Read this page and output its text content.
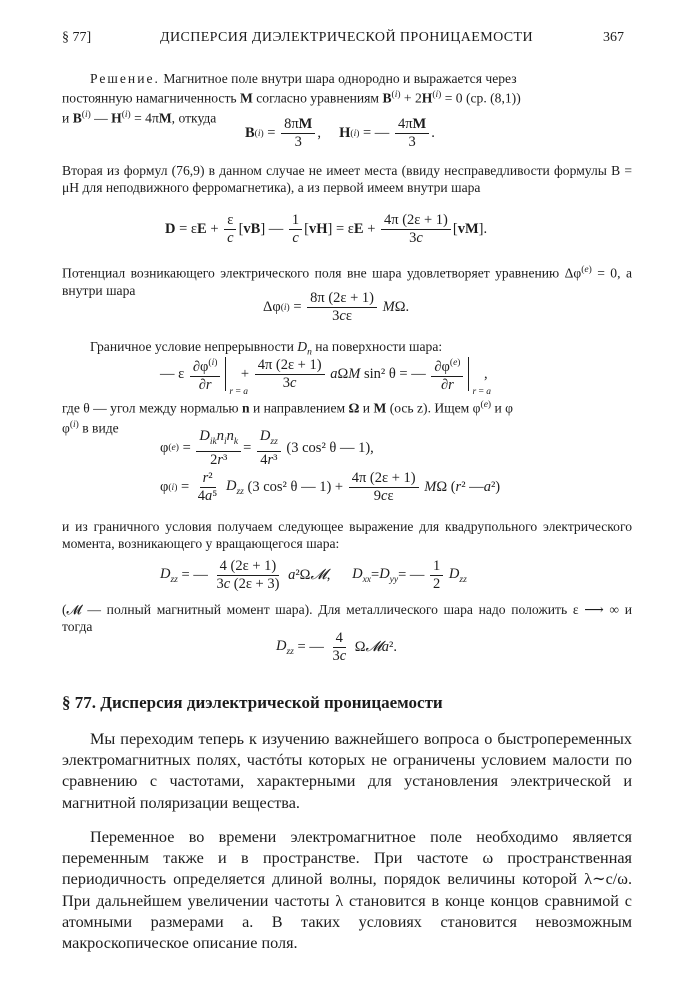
§ 77]	ДИСПЕРСИЯ ДИЭЛЕКТРИЧЕСКОЙ ПРОНИЦАЕМОСТИ	367
Решение. Магнитное поле внутри шара однородно и выражается через
постоянную намагниченность M согласно уравнениям $B^{(i)} + 2H^{(i)} = 0$ (ср. (8,1))
и $B^{(i)}$ — $H^{(i)} = 4\pi M$, откуда
B $(i) = \frac{8\pi M}{3}$ , H (i) = — $\frac{4\pi M}{3}$ .
Вторая из формул (76,9) в данном случае не имеет места (ввиду несправедливости формулы B = μH для неподвижного ферромагнетика), а из первой имеем внутри шара
D = ε $E + \frac{\varepsilon}{c}$ [ vB ] — $\frac{1}{c}$ [ vH ] = ε $E + \frac{4\pi (2\varepsilon + 1)}{3c}$ [ vM ].
Потенциал возникающего электрического поля вне шара удовлетворяет уравнению $\Delta\varphi^{(e)} = 0$, а внутри шара
Δφ $(i) = \frac{8\pi (2\varepsilon + 1)}{3c\varepsilon}$
M Ω.
Граничное условие непрерывности $D_n$ на поверхности шара:
— ε $\frac{\partial\varphi^{(i)}}{\partial r}$ r = a
+ $\frac{4\pi (2\varepsilon + 1)}{3c}$
a Ω M sin² θ = — $\frac{\partial\varphi^{(e)}}{\partial r}$ r = a
,
где θ — угол между нормалью n и направлением Ω и M (ось z). Ищем $\varphi^{(e)}$ и φ
$\varphi^{(i)}$ в виде
φ $(e) = \frac{D_{ik}n_in_k}{\text{2r³}} = \frac{D_{zz}}{\text{4r³}} (3$ cos² θ — 1),
φ $(i) = \frac{\text{r²}}{\text{4a⁵}}$
$D_{zz}$ (3 cos² θ — $1) + \frac{4\pi (2\varepsilon + 1)}{9c\varepsilon}$
M Ω ( r ² — a ²)
и из граничного условия получаем следующее выражение для квадрупольного электрического момента, возникающего у вращающегося шара:
$D_{zz}$ = — $\frac{4 (2\varepsilon + 1)}{3c (2\varepsilon + 3)}$
a ²Ω 𝓜 , $D_{xx} = D_{yy}$ = — $\frac{1}{2}$
$D_{zz}$
(𝓜 — полный магнитный момент шара). Для металлического шара надо положить ε ⟶ ∞ и тогда
$D_{zz}$ = — $\frac{4}{3c}$ Ω 𝓜a ².
§ 77. Дисперсия диэлектрической проницаемости
Мы переходим теперь к изучению важнейшего вопроса о быстропеременных электромагнитных полях, частóты которых не ограничены условием малости по сравнению с частотами, характерными для установления электрической и магнитной поляризации вещества.
Переменное во времени электромагнитное поле необходимо является переменным также и в пространстве. При частоте ω пространственная периодичность определяется длиной волны, порядок величины которой λ∼c/ω. При дальнейшем увеличении частоты λ становится в конце концов сравнимой с атомными размерами a. В таких условиях становится невозможным макроскопическое описание поля.
